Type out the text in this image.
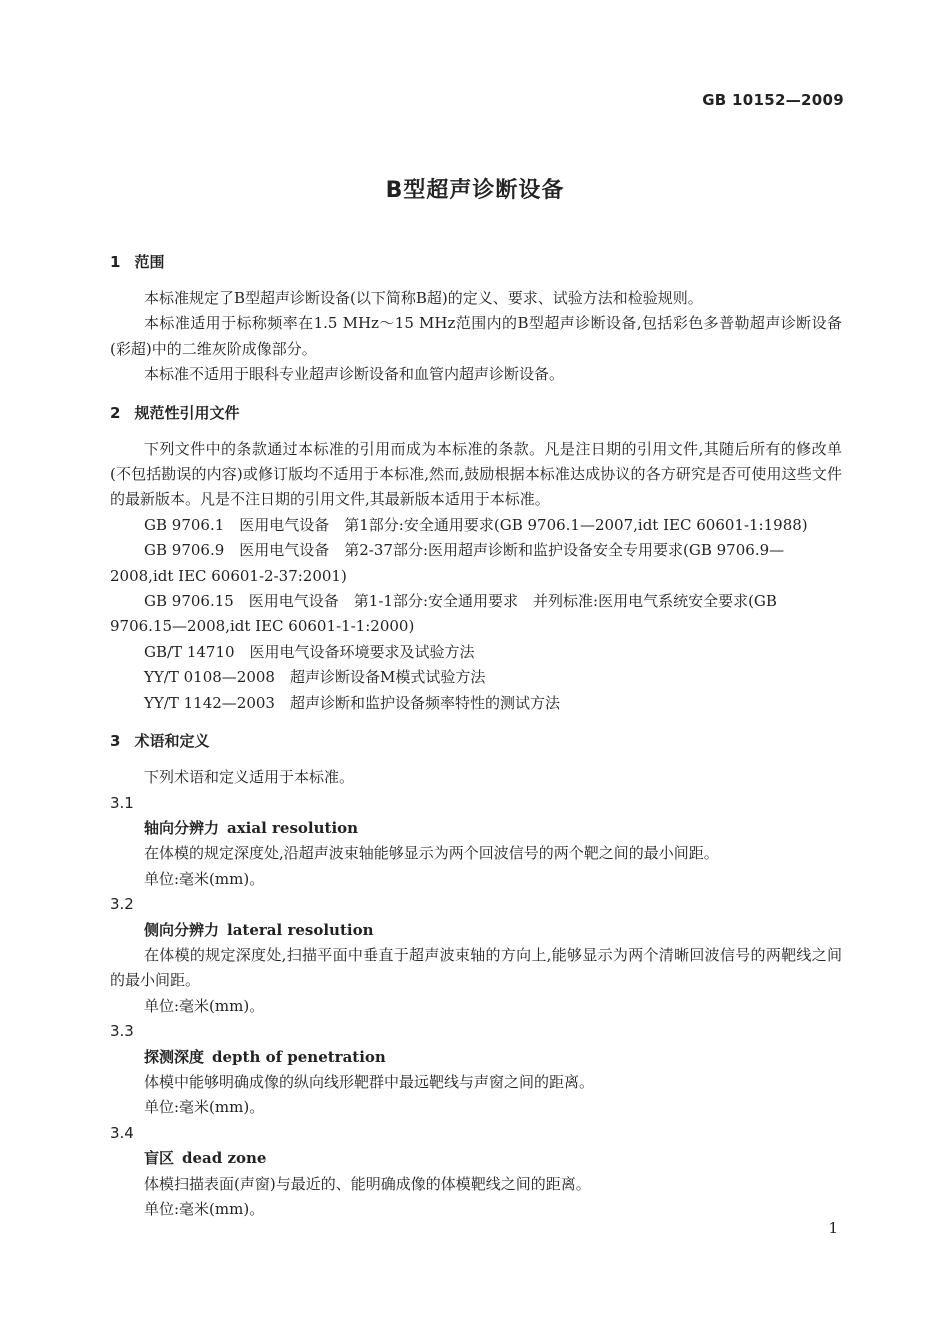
GB 10152—2009
B型超声诊断设备
1 范围

本标准规定了B型超声诊断设备(以下简称B超)的定义、要求、试验方法和检验规则。

本标准适用于标称频率在1.5 MHz～15 MHz范围内的B型超声诊断设备,包括彩色多普勒超声诊断设备(彩超)中的二维灰阶成像部分。

本标准不适用于眼科专业超声诊断设备和血管内超声诊断设备。

2 规范性引用文件

下列文件中的条款通过本标准的引用而成为本标准的条款。凡是注日期的引用文件,其随后所有的修改单(不包括勘误的内容)或修订版均不适用于本标准,然而,鼓励根据本标准达成协议的各方研究是否可使用这些文件的最新版本。凡是不注日期的引用文件,其最新版本适用于本标准。

GB 9706.1　医用电气设备　第1部分:安全通用要求(GB 9706.1—2007,idt IEC 60601-1:1988)

GB 9706.9　医用电气设备　第2-37部分:医用超声诊断和监护设备安全专用要求(GB 9706.9—2008,idt IEC 60601-2-37:2001)

GB 9706.15　医用电气设备　第1-1部分:安全通用要求　并列标准:医用电气系统安全要求(GB 9706.15—2008,idt IEC 60601-1-1:2000)

GB/T 14710　医用电气设备环境要求及试验方法

YY/T 0108—2008　超声诊断设备M模式试验方法

YY/T 1142—2003　超声诊断和监护设备频率特性的测试方法

3 术语和定义

下列术语和定义适用于本标准。

3.1

轴向分辨力 axial resolution

在体模的规定深度处,沿超声波束轴能够显示为两个回波信号的两个靶之间的最小间距。

单位:毫米(mm)。

3.2

侧向分辨力 lateral resolution

在体模的规定深度处,扫描平面中垂直于超声波束轴的方向上,能够显示为两个清晰回波信号的两靶线之间的最小间距。

单位:毫米(mm)。

3.3

探测深度 depth of penetration

体模中能够明确成像的纵向线形靶群中最远靶线与声窗之间的距离。

单位:毫米(mm)。

3.4

盲区 dead zone

体模扫描表面(声窗)与最近的、能明确成像的体模靶线之间的距离。

单位:毫米(mm)。

1
